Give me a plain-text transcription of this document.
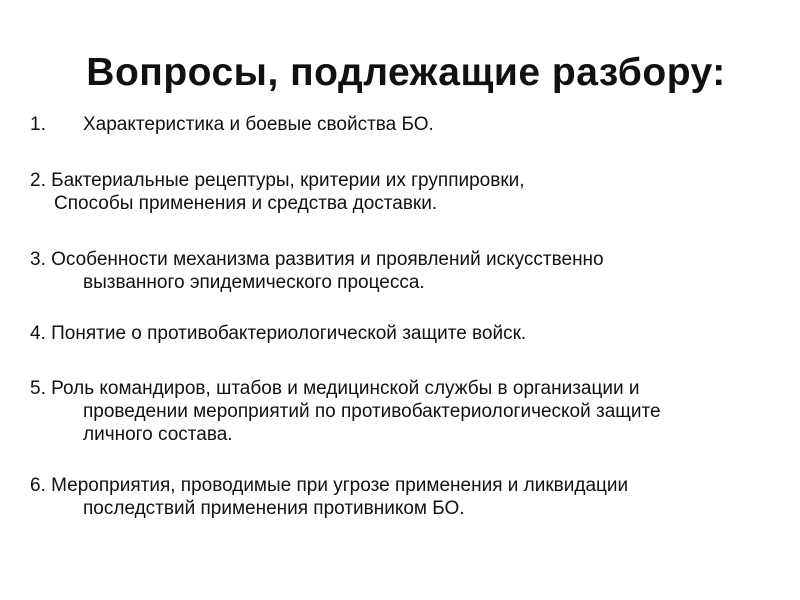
Вопросы, подлежащие разбору:
1. Характеристика и боевые свойства БО.
2. Бактериальные рецептуры, критерии их группировки,
Способы применения и средства доставки.
3. Особенности механизма развития и проявлений искусственно
вызванного эпидемического процесса.
4. Понятие о противобактериологической защите войск.
5. Роль командиров, штабов и медицинской службы в организации и
проведении мероприятий по противобактериологической защите
личного состава.
6. Мероприятия, проводимые при угрозе применения и ликвидации
последствий применения противником БО.
